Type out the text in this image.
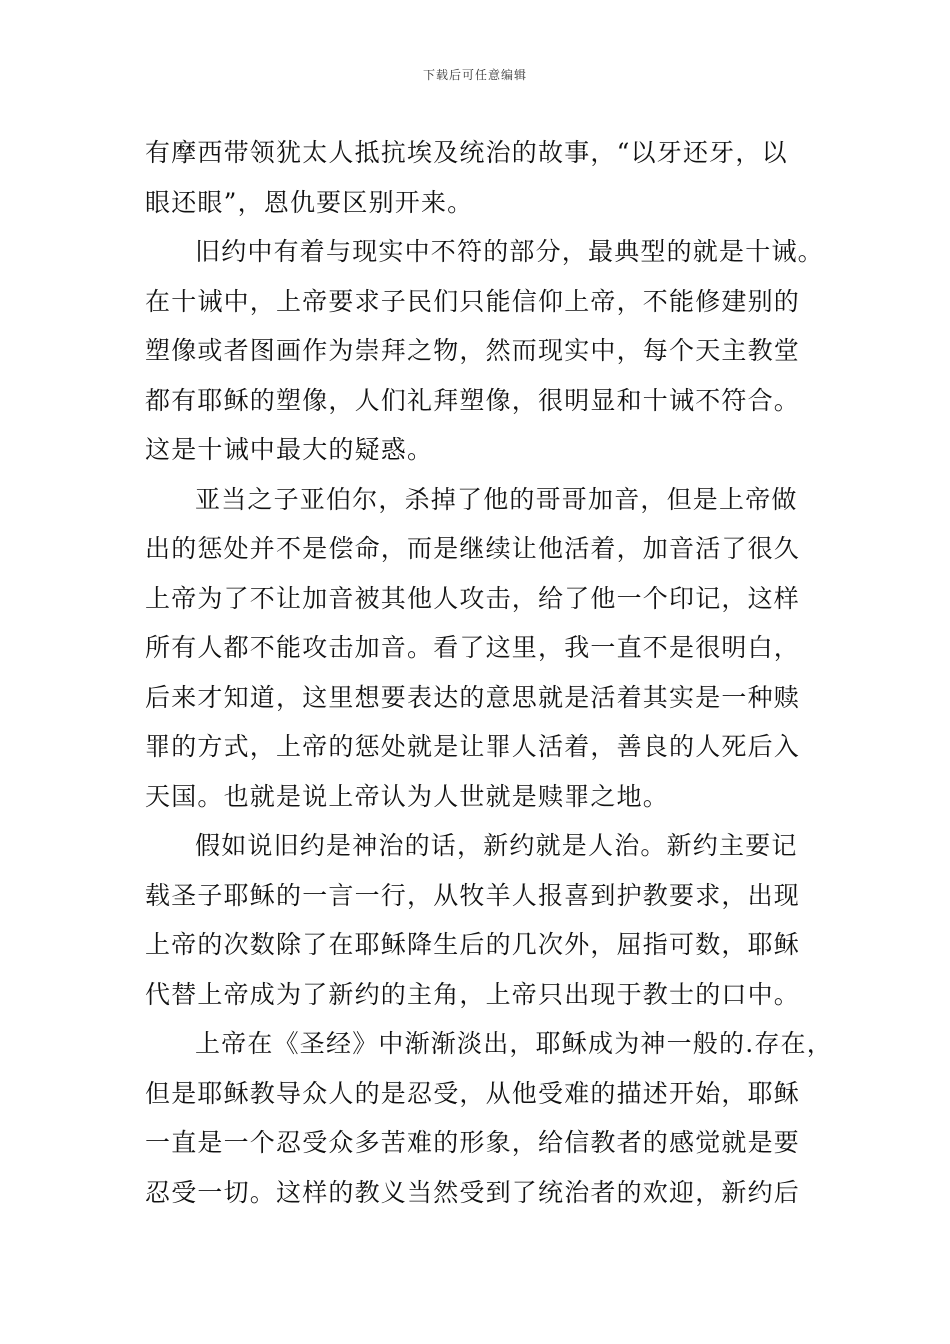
下载后可任意编辑
有摩西带领犹太人抵抗埃及统治的故事，“以牙还牙，以
眼还眼”，恩仇要区别开来。
旧约中有着与现实中不符的部分，最典型的就是十诫。
在十诫中，上帝要求子民们只能信仰上帝，不能修建别的
塑像或者图画作为崇拜之物，然而现实中，每个天主教堂
都有耶稣的塑像，人们礼拜塑像，很明显和十诫不符合。
这是十诫中最大的疑惑。
亚当之子亚伯尔，杀掉了他的哥哥加音，但是上帝做
出的惩处并不是偿命，而是继续让他活着，加音活了很久
上帝为了不让加音被其他人攻击，给了他一个印记，这样
所有人都不能攻击加音。看了这里，我一直不是很明白，
后来才知道，这里想要表达的意思就是活着其实是一种赎
罪的方式，上帝的惩处就是让罪人活着，善良的人死后入
天国。也就是说上帝认为人世就是赎罪之地。
假如说旧约是神治的话，新约就是人治。新约主要记
载圣子耶稣的一言一行，从牧羊人报喜到护教要求，出现
上帝的次数除了在耶稣降生后的几次外，屈指可数，耶稣
代替上帝成为了新约的主角，上帝只出现于教士的口中。
上帝在《圣经》中渐渐淡出，耶稣成为神一般的.存在，
但是耶稣教导众人的是忍受，从他受难的描述开始，耶稣
一直是一个忍受众多苦难的形象，给信教者的感觉就是要
忍受一切。这样的教义当然受到了统治者的欢迎，新约后
